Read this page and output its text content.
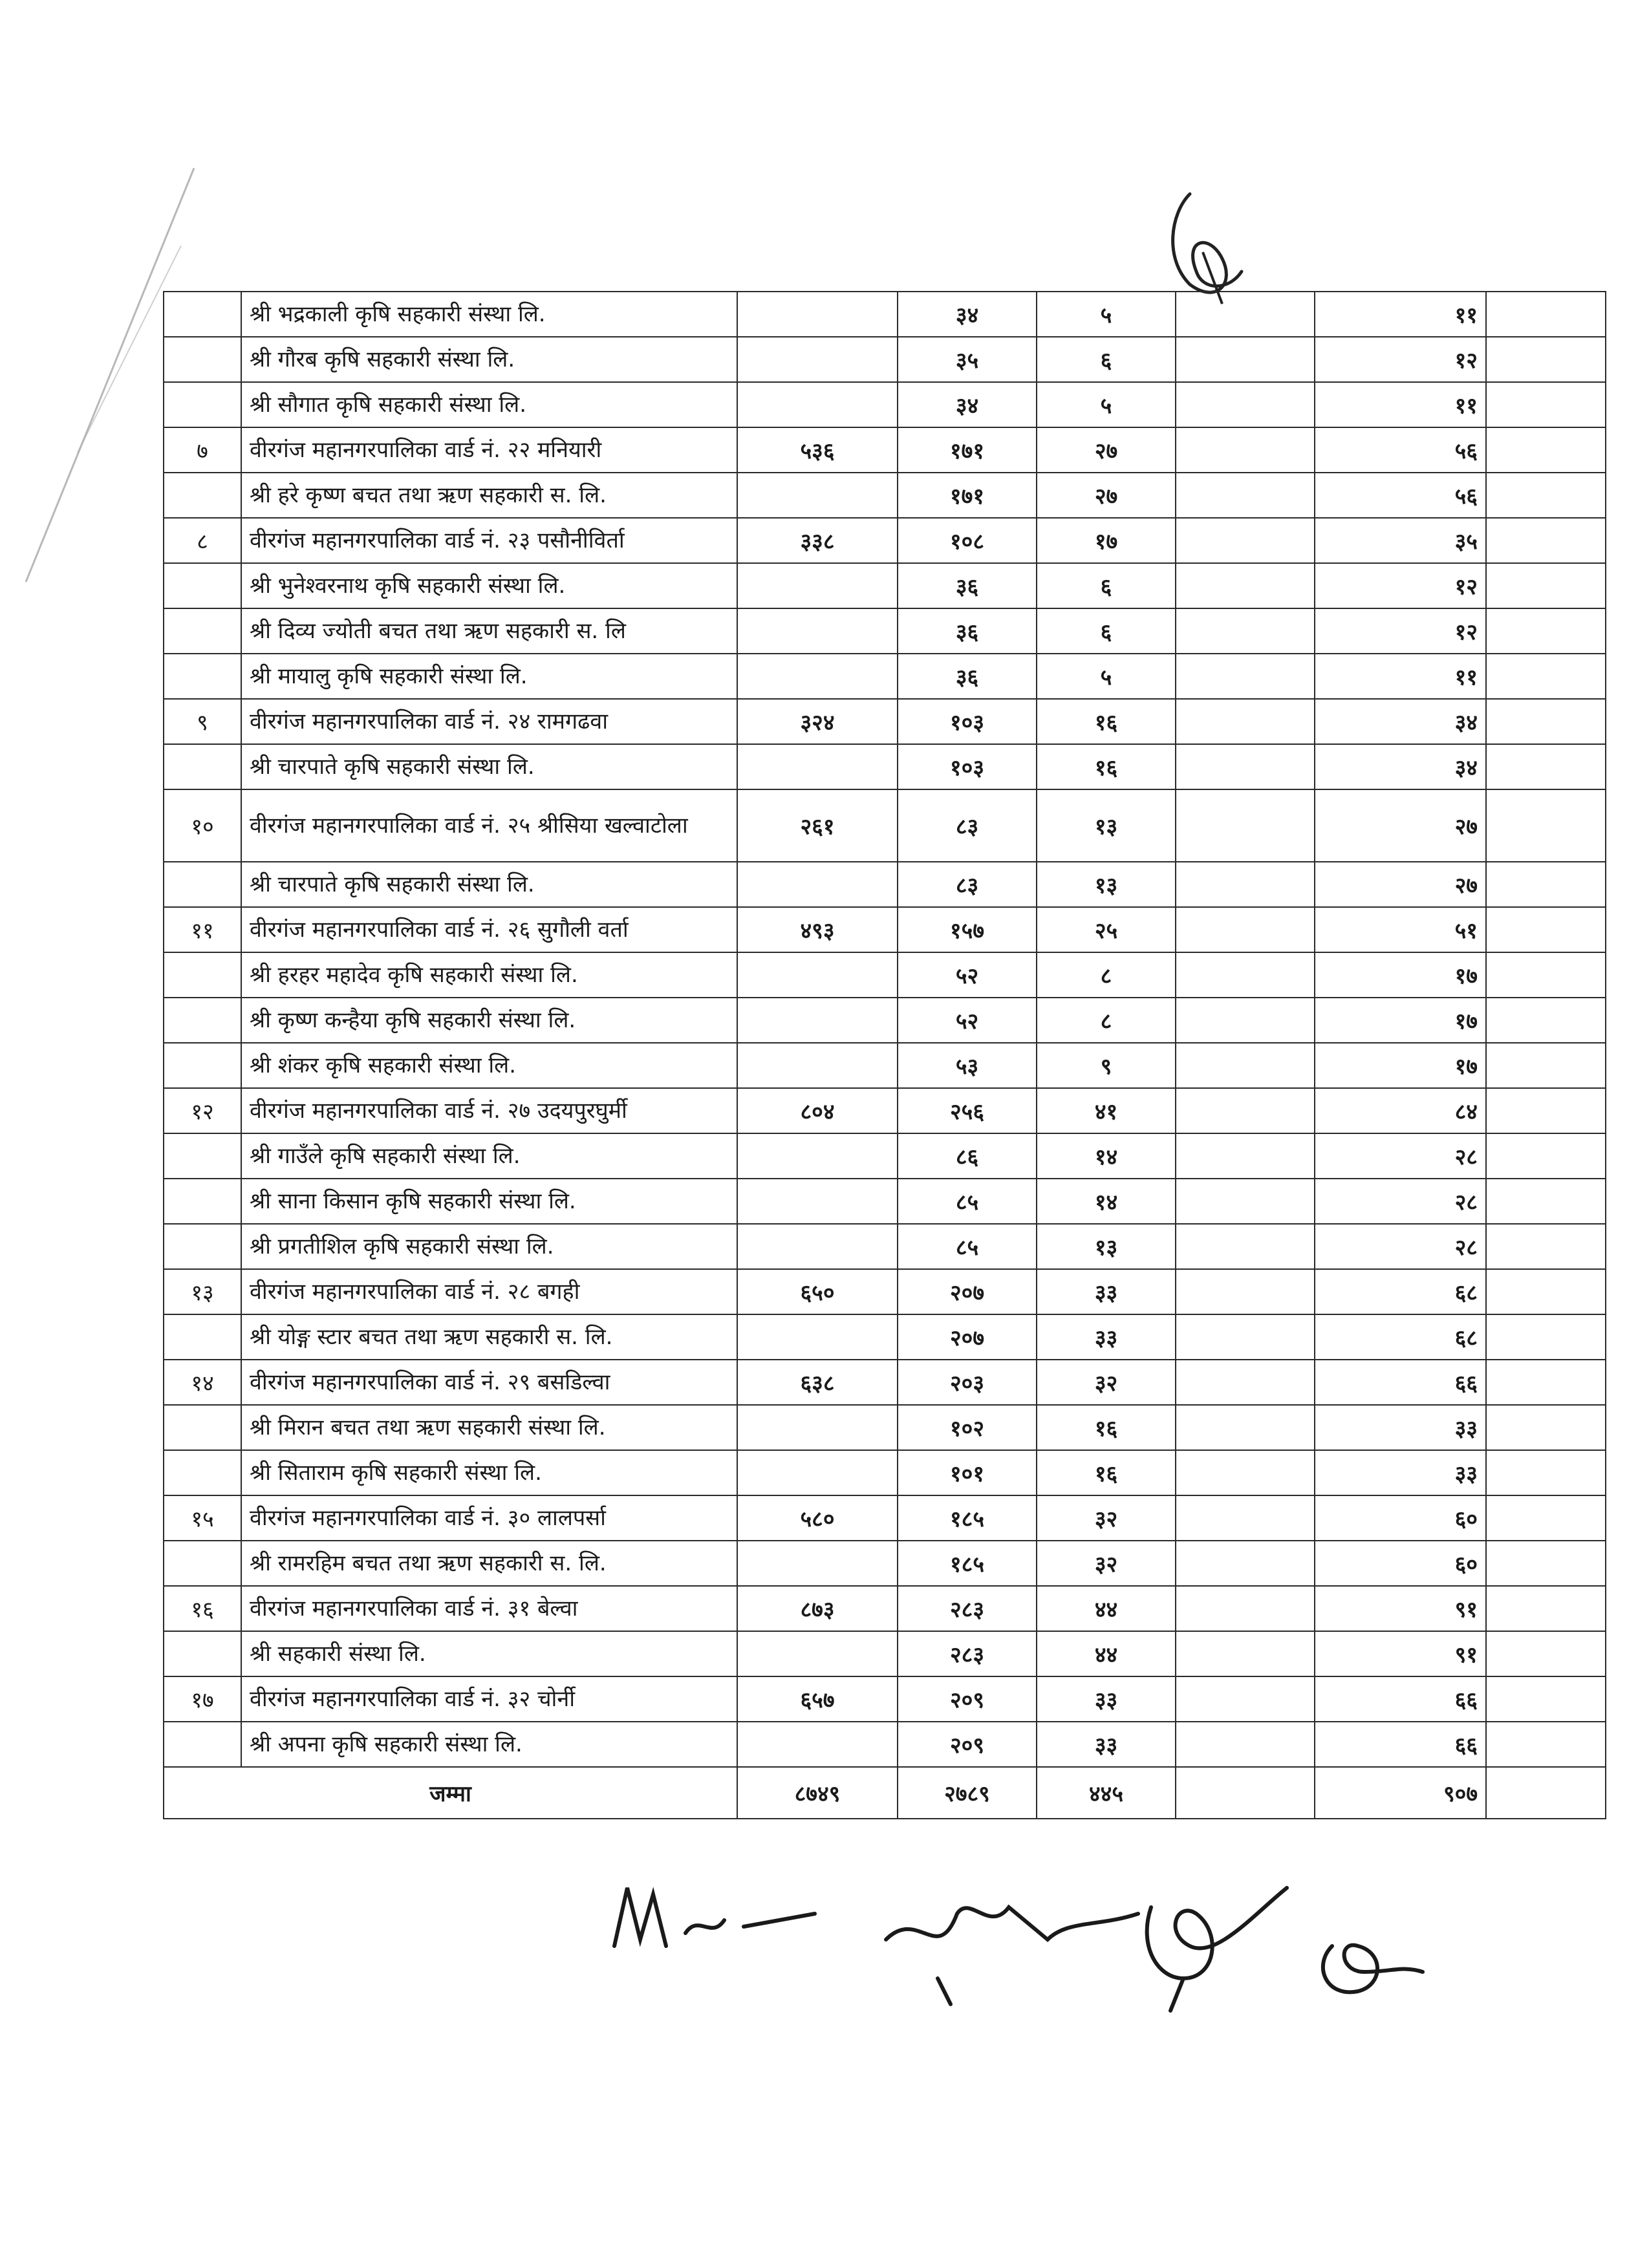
	श्री भद्रकाली कृषि सहकारी संस्था लि.		३४	५		११	
	श्री गौरब कृषि सहकारी संस्था लि.		३५	६		१२	
	श्री सौगात कृषि सहकारी संस्था लि.		३४	५		११	
७	वीरगंज महानगरपालिका वार्ड नं. २२ मनियारी	५३६	१७१	२७		५६	
	श्री हरे कृष्ण बचत तथा ऋण सहकारी स. लि.		१७१	२७		५६	
८	वीरगंज महानगरपालिका वार्ड नं. २३ पसौनीविर्ता	३३८	१०८	१७		३५	
	श्री भुनेश्वरनाथ कृषि सहकारी संस्था लि.		३६	६		१२	
	श्री दिव्य ज्योती बचत तथा ऋण सहकारी स. लि		३६	६		१२	
	श्री मायालु कृषि सहकारी संस्था लि.		३६	५		११	
९	वीरगंज महानगरपालिका वार्ड नं. २४ रामगढवा	३२४	१०३	१६		३४	
	श्री चारपाते कृषि सहकारी संस्था लि.		१०३	१६		३४	
१०	वीरगंज महानगरपालिका वार्ड नं. २५ श्रीसिया खल्वाटोला	२६१	८३	१३		२७	
	श्री चारपाते कृषि सहकारी संस्था लि.		८३	१३		२७	
११	वीरगंज महानगरपालिका वार्ड नं. २६ सुगौली वर्ता	४९३	१५७	२५		५१	
	श्री हरहर महादेव कृषि सहकारी संस्था लि.		५२	८		१७	
	श्री कृष्ण कन्हैया कृषि सहकारी संस्था लि.		५२	८		१७	
	श्री शंकर कृषि सहकारी संस्था लि.		५३	९		१७	
१२	वीरगंज महानगरपालिका वार्ड नं. २७ उदयपुरघुर्मी	८०४	२५६	४१		८४	
	श्री गाउँले कृषि सहकारी संस्था लि.		८६	१४		२८	
	श्री साना किसान कृषि सहकारी संस्था लि.		८५	१४		२८	
	श्री प्रगतीशिल कृषि सहकारी संस्था लि.		८५	१३		२८	
१३	वीरगंज महानगरपालिका वार्ड नं. २८ बगही	६५०	२०७	३३		६८	
	श्री योङ्ग स्टार बचत तथा ऋण सहकारी स. लि.		२०७	३३		६८	
१४	वीरगंज महानगरपालिका वार्ड नं. २९ बसडिल्वा	६३८	२०३	३२		६६	
	श्री मिरान बचत तथा ऋण सहकारी संस्था लि.		१०२	१६		३३	
	श्री सिताराम कृषि सहकारी संस्था लि.		१०१	१६		३३	
१५	वीरगंज महानगरपालिका वार्ड नं. ३० लालपर्सा	५८०	१८५	३२		६०	
	श्री रामरहिम बचत तथा ऋण सहकारी स. लि.		१८५	३२		६०	
१६	वीरगंज महानगरपालिका वार्ड नं. ३१ बेल्वा	८७३	२८३	४४		९१	
	श्री सहकारी संस्था लि.		२८३	४४		९१	
१७	वीरगंज महानगरपालिका वार्ड नं. ३२ चोर्नी	६५७	२०९	३३		६६	
	श्री अपना कृषि सहकारी संस्था लि.		२०९	३३		६६	
जम्मा		८७४९	२७८९	४४५		९०७	
